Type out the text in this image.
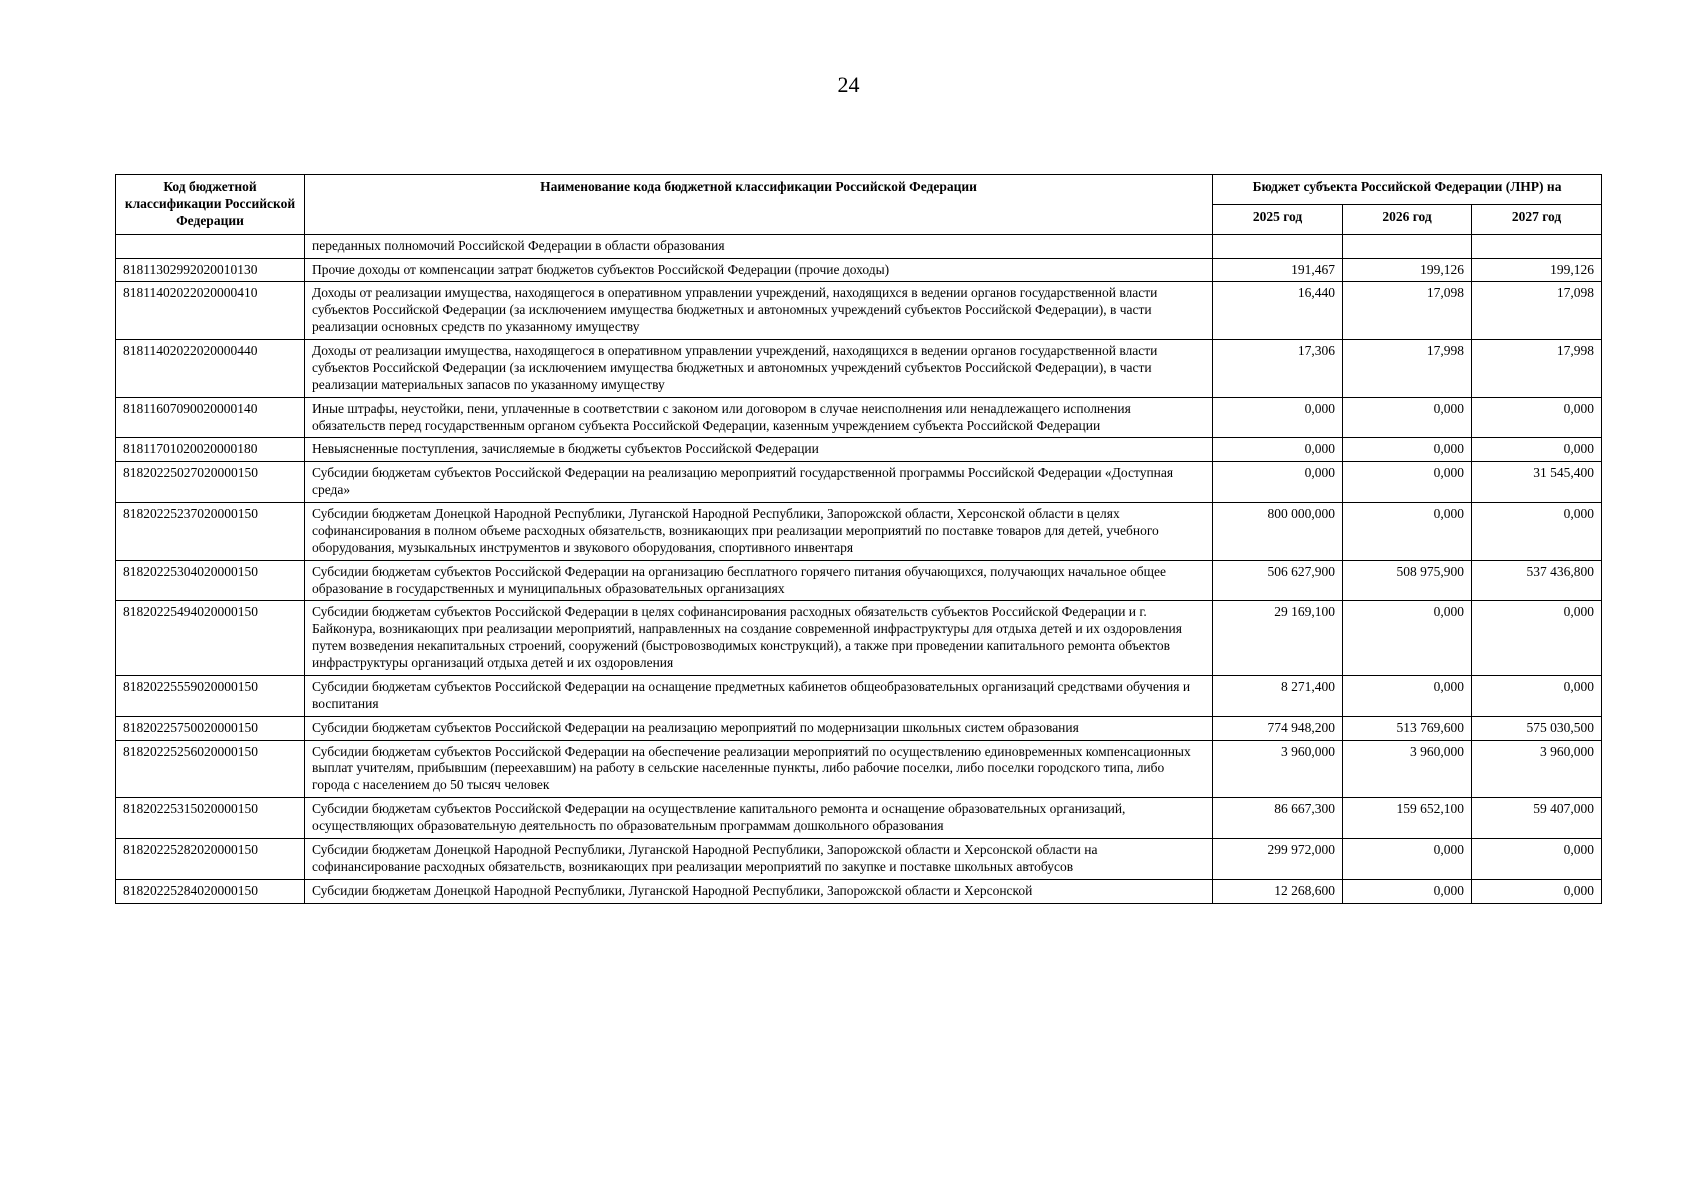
24
Код бюджетной классификации Российской Федерации	Наименование кода бюджетной классификации Российской Федерации	Бюджет субъекта Российской Федерации (ЛНР) на		
		2025 год	2026 год	2027 год
	переданных полномочий Российской Федерации в области образования			
81811302992020010130	Прочие доходы от компенсации затрат бюджетов субъектов Российской Федерации (прочие доходы)	191,467	199,126	199,126
81811402022020000410	Доходы от реализации имущества, находящегося в оперативном управлении учреждений, находящихся в ведении органов государственной власти субъектов Российской Федерации (за исключением имущества бюджетных и автономных учреждений субъектов Российской Федерации), в части реализации основных средств по указанному имуществу	16,440	17,098	17,098
81811402022020000440	Доходы от реализации имущества, находящегося в оперативном управлении учреждений, находящихся в ведении органов государственной власти субъектов Российской Федерации (за исключением имущества бюджетных и автономных учреждений субъектов Российской Федерации), в части реализации материальных запасов по указанному имуществу	17,306	17,998	17,998
81811607090020000140	Иные штрафы, неустойки, пени, уплаченные в соответствии с законом или договором в случае неисполнения или ненадлежащего исполнения обязательств перед государственным органом субъекта Российской Федерации, казенным учреждением субъекта Российской Федерации	0,000	0,000	0,000
81811701020020000180	Невыясненные поступления, зачисляемые в бюджеты субъектов Российской Федерации	0,000	0,000	0,000
81820225027020000150	Субсидии бюджетам субъектов Российской Федерации на реализацию мероприятий государственной программы Российской Федерации «Доступная среда»	0,000	0,000	31 545,400
81820225237020000150	Субсидии бюджетам Донецкой Народной Республики, Луганской Народной Республики, Запорожской области, Херсонской области в целях софинансирования в полном объеме расходных обязательств, возникающих при реализации мероприятий по поставке товаров для детей, учебного оборудования, музыкальных инструментов и звукового оборудования, спортивного инвентаря	800 000,000	0,000	0,000
81820225304020000150	Субсидии бюджетам субъектов Российской Федерации на организацию бесплатного горячего питания обучающихся, получающих начальное общее образование в государственных и муниципальных образовательных организациях	506 627,900	508 975,900	537 436,800
81820225494020000150	Субсидии бюджетам субъектов Российской Федерации в целях софинансирования расходных обязательств субъектов Российской Федерации и г. Байконура, возникающих при реализации мероприятий, направленных на создание современной инфраструктуры для отдыха детей и их оздоровления путем возведения некапитальных строений, сооружений (быстровозводимых конструкций), а также при проведении капитального ремонта объектов инфраструктуры организаций отдыха детей и их оздоровления	29 169,100	0,000	0,000
81820225559020000150	Субсидии бюджетам субъектов Российской Федерации на оснащение предметных кабинетов общеобразовательных организаций средствами обучения и воспитания	8 271,400	0,000	0,000
81820225750020000150	Субсидии бюджетам субъектов Российской Федерации на реализацию мероприятий по модернизации школьных систем образования	774 948,200	513 769,600	575 030,500
81820225256020000150	Субсидии бюджетам субъектов Российской Федерации на обеспечение реализации мероприятий по осуществлению единовременных компенсационных выплат учителям, прибывшим (переехавшим) на работу в сельские населенные пункты, либо рабочие поселки, либо поселки городского типа, либо города с населением до 50 тысяч человек	3 960,000	3 960,000	3 960,000
81820225315020000150	Субсидии бюджетам субъектов Российской Федерации на осуществление капитального ремонта и оснащение образовательных организаций, осуществляющих образовательную деятельность по образовательным программам дошкольного образования	86 667,300	159 652,100	59 407,000
81820225282020000150	Субсидии бюджетам Донецкой Народной Республики, Луганской Народной Республики, Запорожской области и Херсонской области на софинансирование расходных обязательств, возникающих при реализации мероприятий по закупке и поставке школьных автобусов	299 972,000	0,000	0,000
81820225284020000150	Субсидии бюджетам Донецкой Народной Республики, Луганской Народной Республики, Запорожской области и Херсонской	12 268,600	0,000	0,000
